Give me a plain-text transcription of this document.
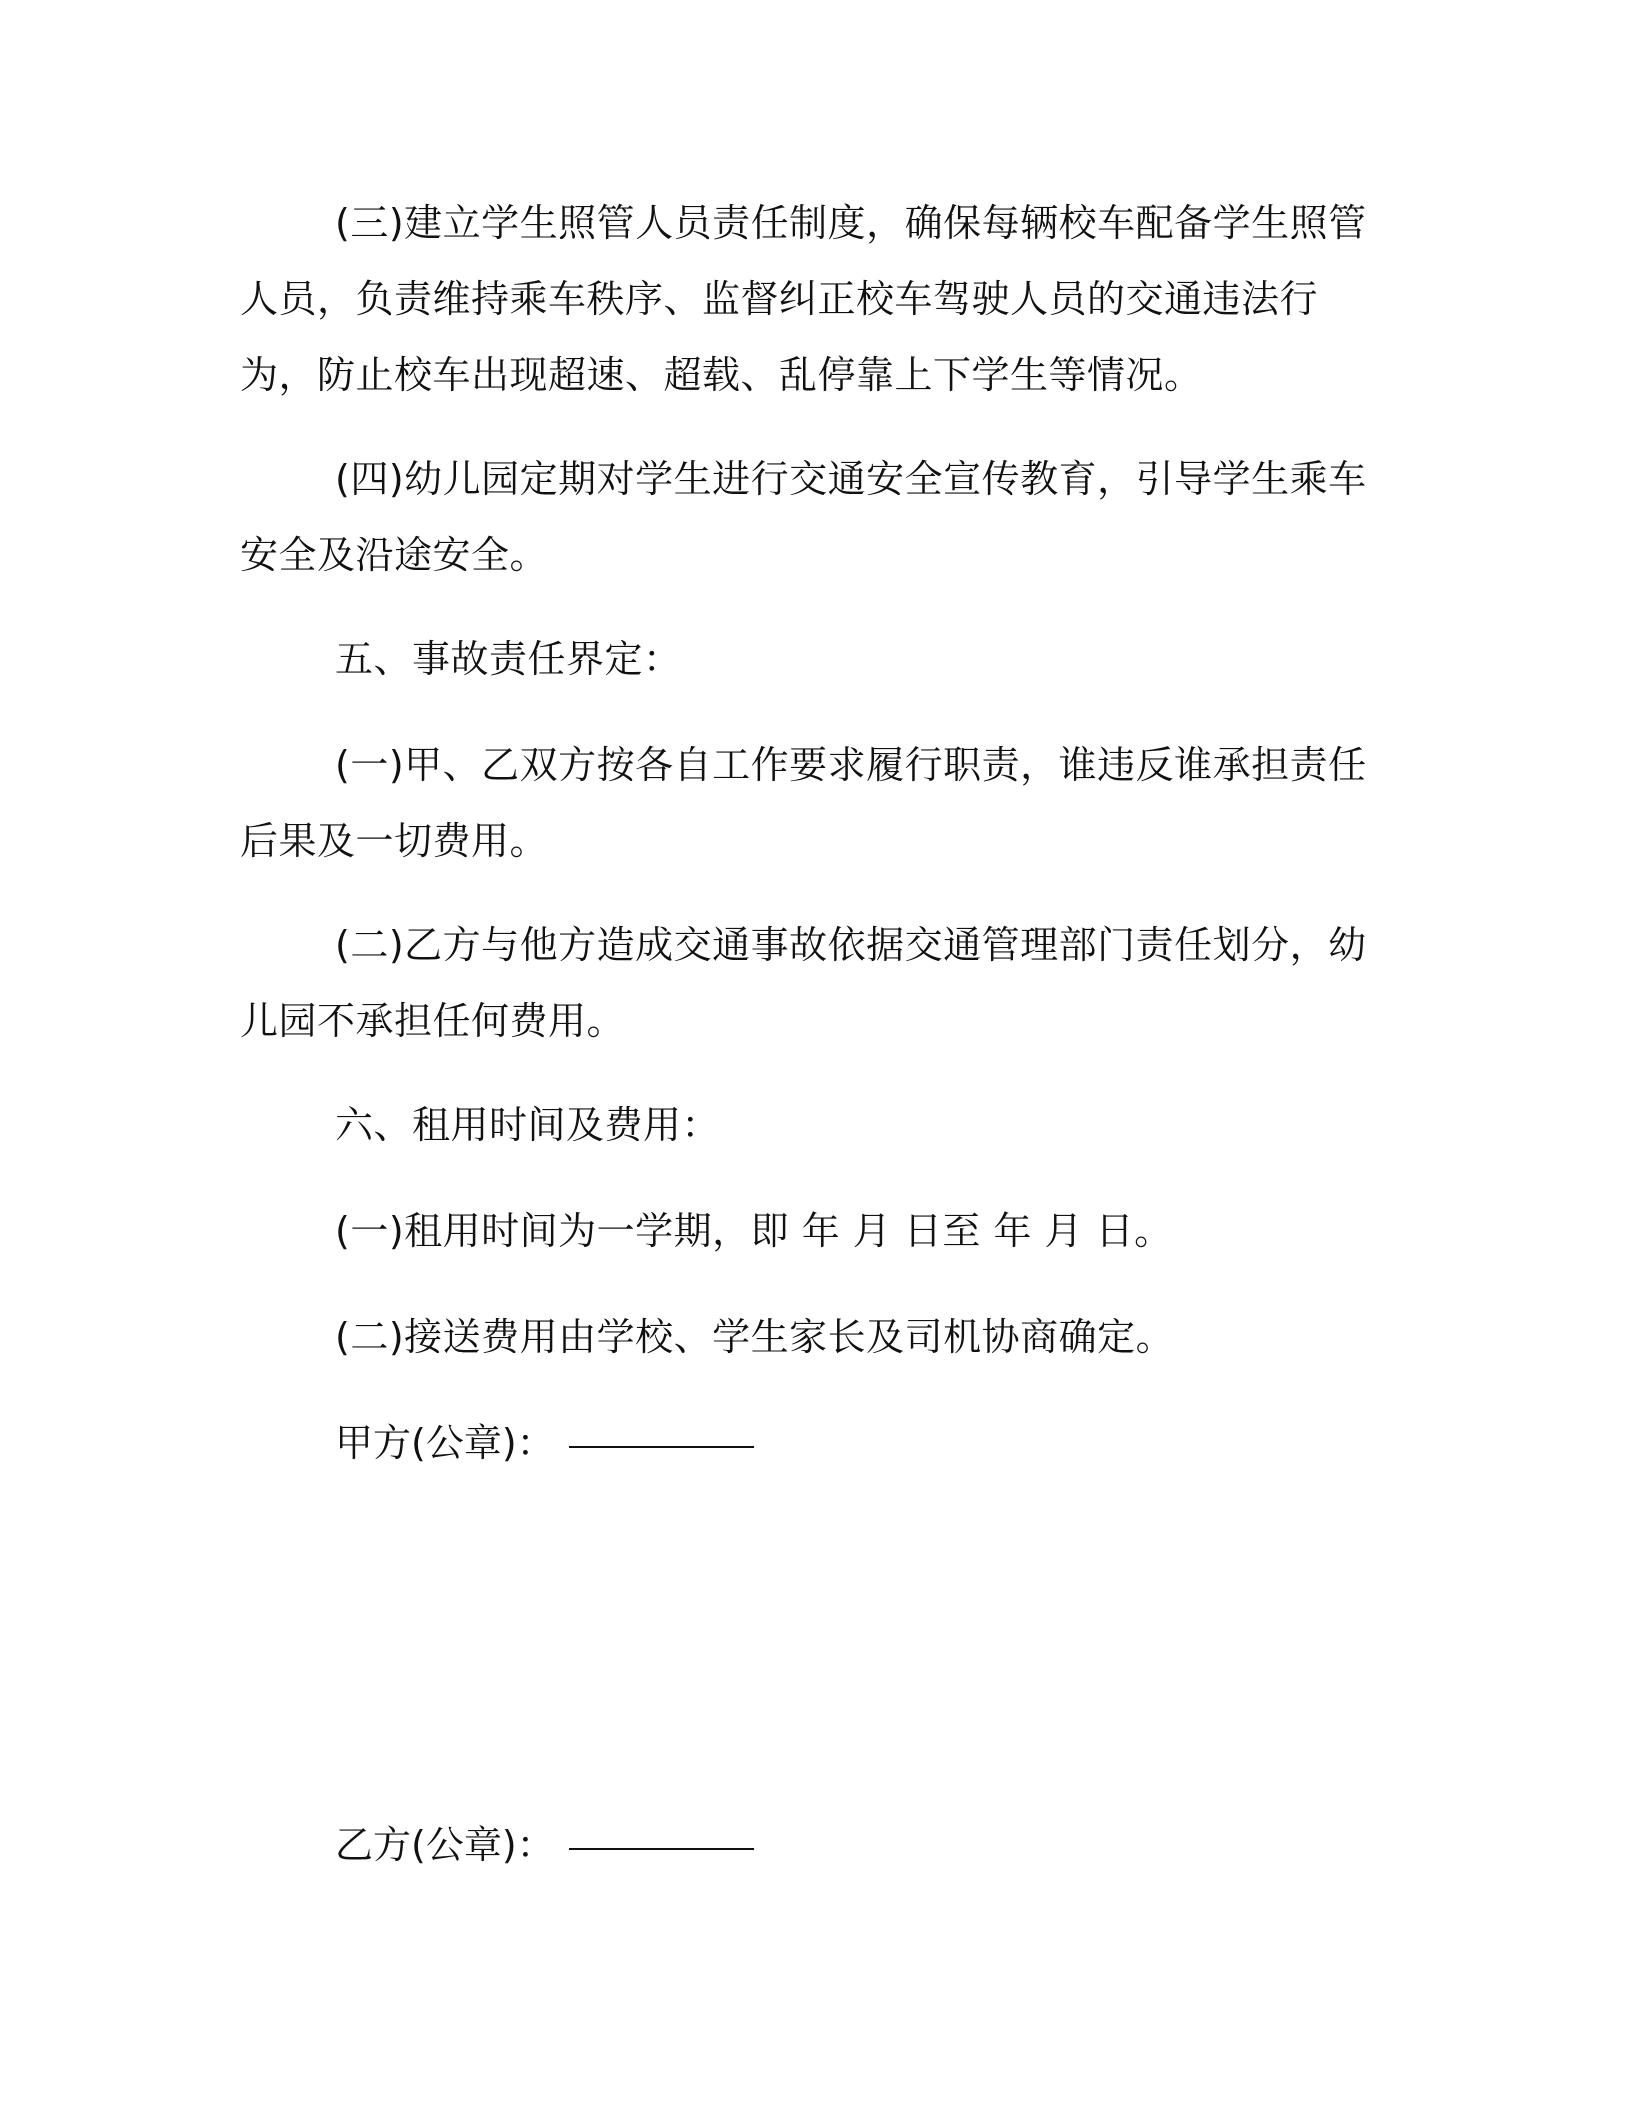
(三)建立学生照管人员责任制度，确保每辆校车配备学生照管人员，负责维持乘车秩序、监督纠正校车驾驶人员的交通违法行为，防止校车出现超速、超载、乱停靠上下学生等情况。

(四)幼儿园定期对学生进行交通安全宣传教育，引导学生乘车安全及沿途安全。

五、事故责任界定：

(一)甲、乙双方按各自工作要求履行职责，谁违反谁承担责任后果及一切费用。

(二)乙方与他方造成交通事故依据交通管理部门责任划分，幼儿园不承担任何费用。

六、租用时间及费用：

(一)租用时间为一学期，即 年 月 日至 年 月 日。

(二)接送费用由学校、学生家长及司机协商确定。

甲方(公章)：
乙方(公章)：
